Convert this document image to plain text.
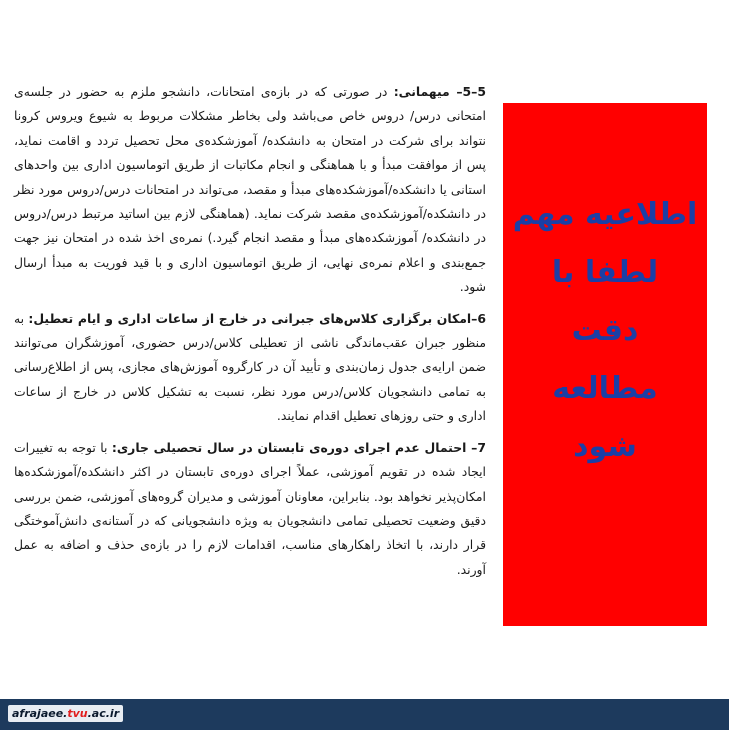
5–5– میهمانی: در صورتی که در بازه‌ی امتحانات، دانشجو ملزم به حضور در جلسه‌ی امتحانی درس/ دروس خاص می‌باشد ولی بخاطر مشکلات مربوط به شیوع ویروس کرونا نتواند برای شرکت در امتحان به دانشکده/ آموزشکده‌ی محل تحصیل تردد و اقامت نماید، پس از موافقت مبدأ و با هماهنگی و انجام مکاتبات از طریق اتوماسیون اداری بین واحدهای استانی یا دانشکده/آموزشکده‌های مبدأ و مقصد، می‌تواند در امتحانات درس/دروس مورد نظر در دانشکده/آموزشکده‌ی مقصد شرکت نماید. (هماهنگی لازم بین اساتید مرتبط درس/دروس در دانشکده/ آموزشکده‌های مبدأ و مقصد انجام گیرد.) نمره‌ی اخذ شده در امتحان نیز جهت جمع‌بندی و اعلام نمره‌ی نهایی، از طریق اتوماسیون اداری و با قید فوریت به مبدأ ارسال شود.

6–امکان برگزاری کلاس‌های جبرانی در خارج از ساعات اداری و ایام تعطیل: به منظور جبران عقب‌ماندگی ناشی از تعطیلی کلاس/درس حضوری، آموزشگران می‌توانند ضمن ارایه‌ی جدول زمان‌بندی و تأیید آن در کارگروه آموزش‌های مجازی، پس از اطلاع‌رسانی به تمامی دانشجویان کلاس/درس مورد نظر، نسبت به تشکیل کلاس در خارج از ساعات اداری و حتی روزهای تعطیل اقدام نمایند.

7– احتمال عدم اجرای دوره‌ی تابستان در سال تحصیلی جاری: با توجه به تغییرات ایجاد شده در تقویم آموزشی، عملاً اجرای دوره‌ی تابستان در اکثر دانشکده/آموزشکده‌ها امکان‌پذیر نخواهد بود. بنابراین، معاونان آموزشی و مدیران گروه‌های آموزشی، ضمن بررسی دقیق وضعیت تحصیلی تمامی دانشجویان به ویژه دانشجویانی که در آستانه‌ی دانش‌آموختگی قرار دارند، با اتخاذ راهکارهای مناسب، اقدامات لازم را در بازه‌ی حذف و اضافه به عمل آورند.

اطلاعیه مهم
لطفا با
دقت
مطالعه
شود
afrajaee.tvu.ac.ir
